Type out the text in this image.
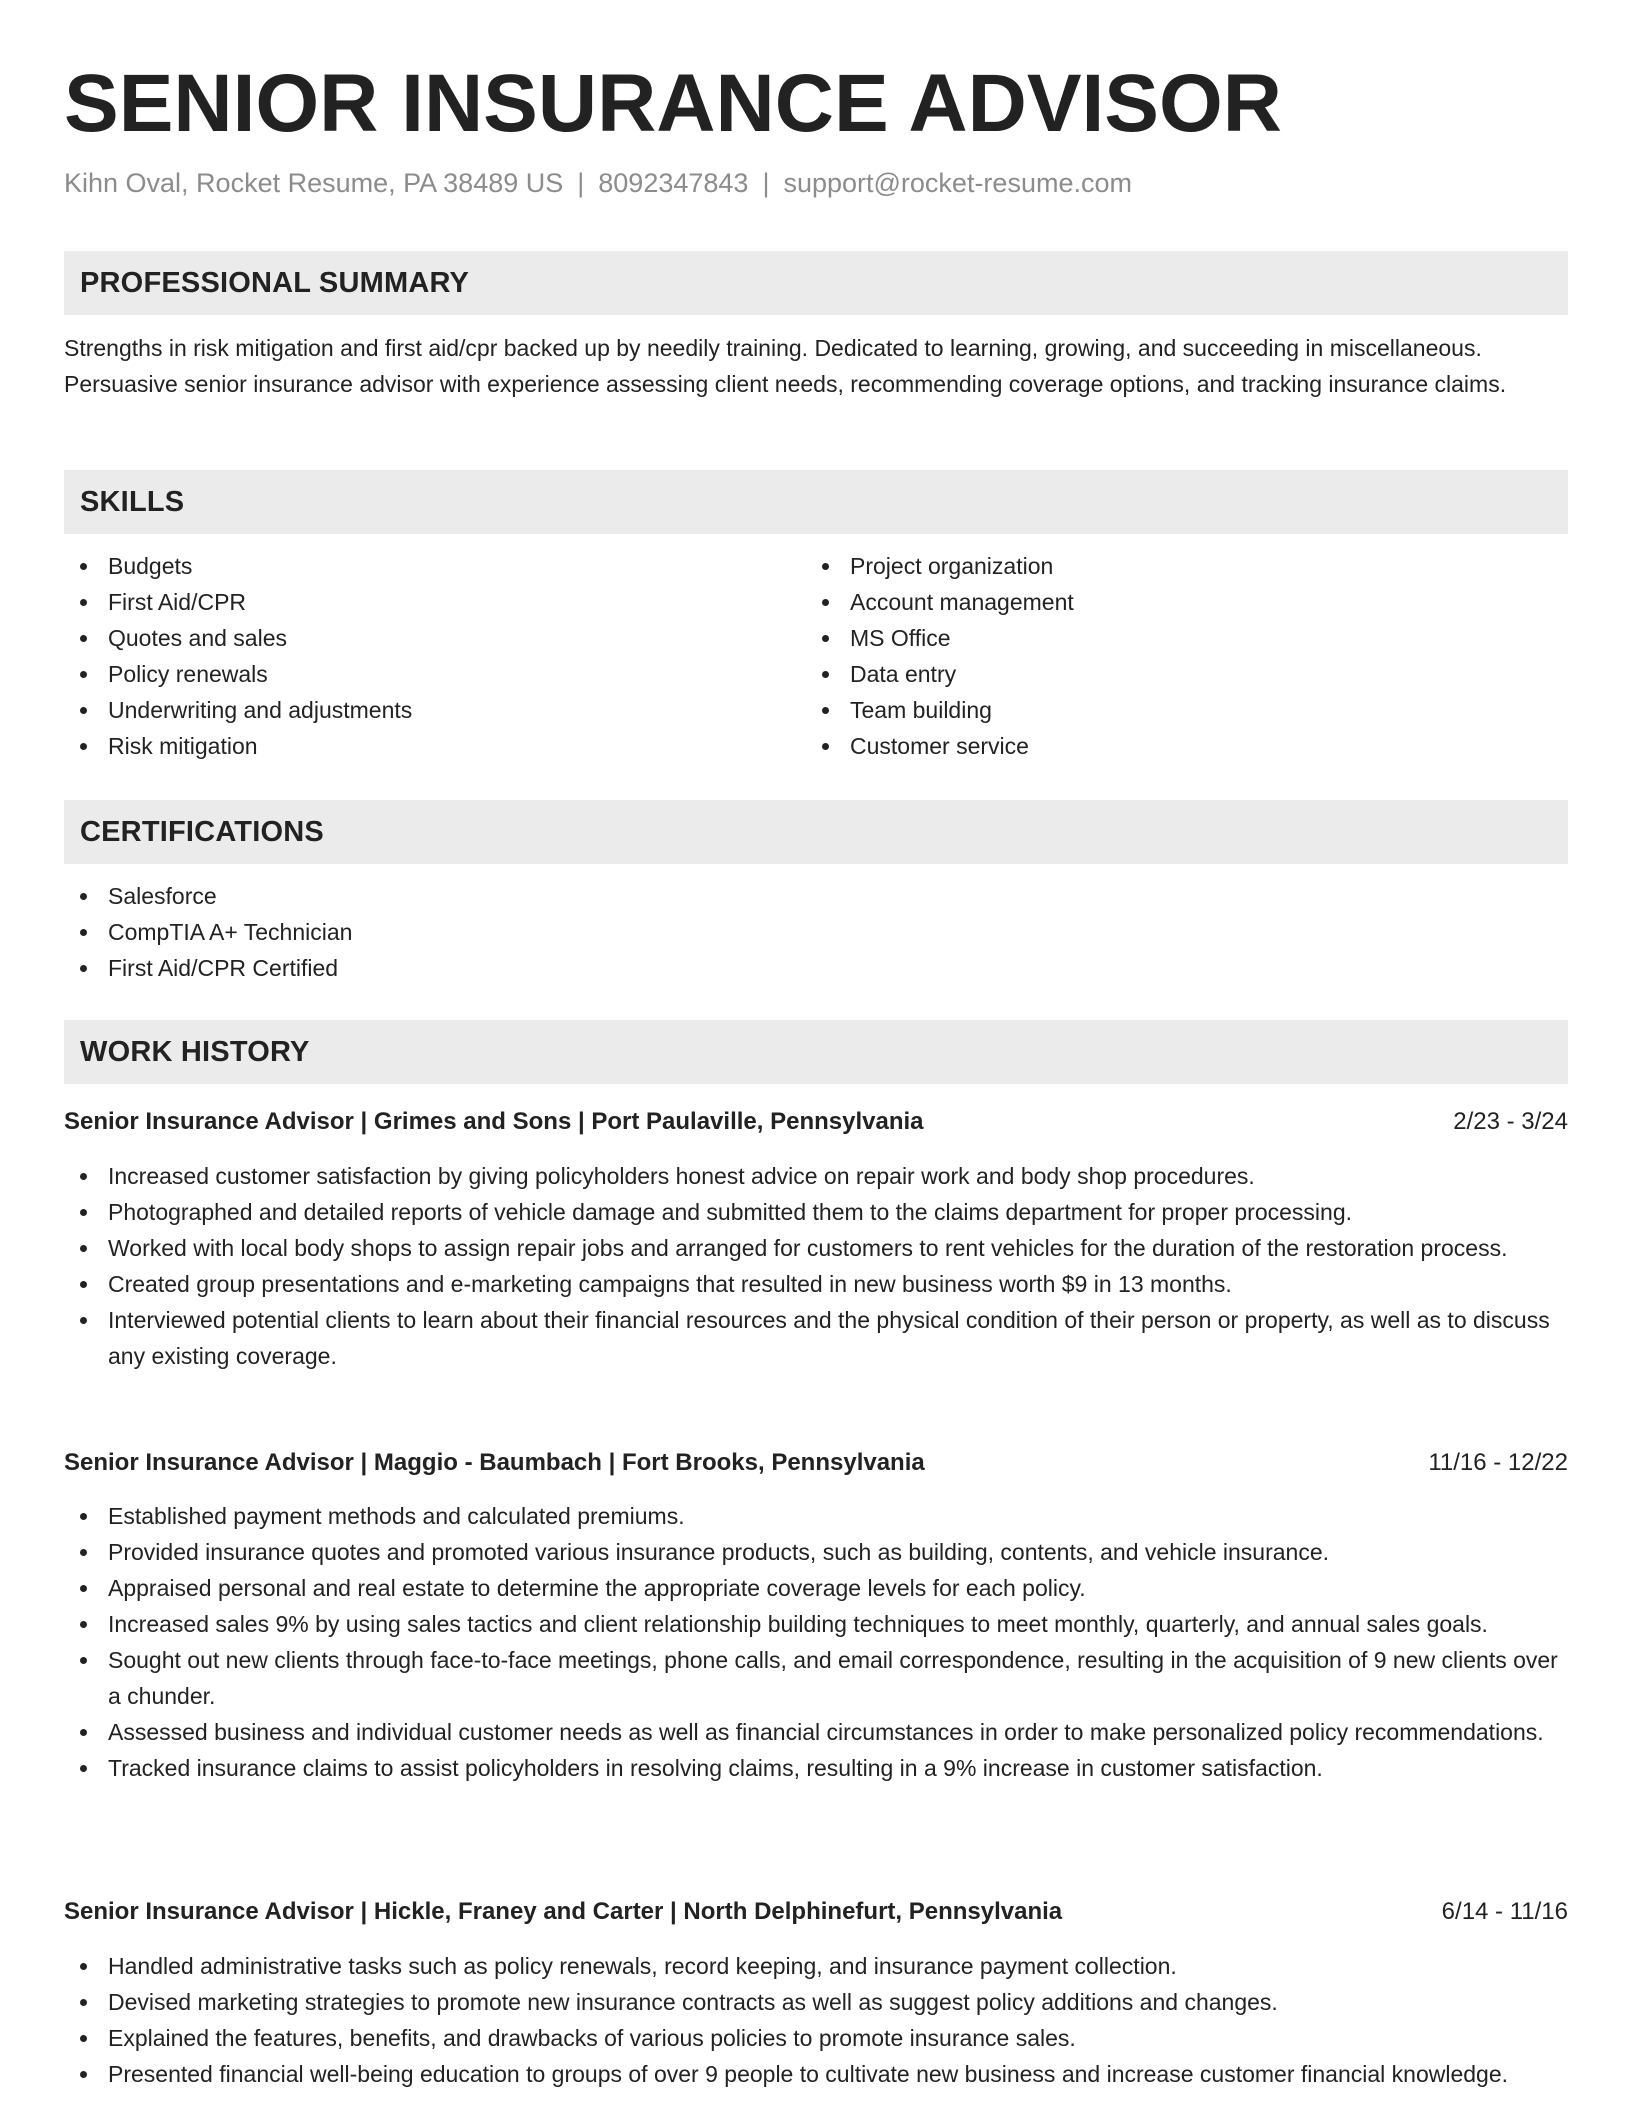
SENIOR INSURANCE ADVISOR
Kihn Oval, Rocket Resume, PA 38489 US | 8092347843 | support@rocket-resume.com
PROFESSIONAL SUMMARY
Strengths in risk mitigation and first aid/cpr backed up by needily training. Dedicated to learning, growing, and succeeding in miscellaneous. Persuasive senior insurance advisor with experience assessing client needs, recommending coverage options, and tracking insurance claims.
SKILLS
Budgets
First Aid/CPR
Quotes and sales
Policy renewals
Underwriting and adjustments
Risk mitigation
Project organization
Account management
MS Office
Data entry
Team building
Customer service
CERTIFICATIONS
Salesforce
CompTIA A+ Technician
First Aid/CPR Certified
WORK HISTORY
Senior Insurance Advisor | Grimes and Sons | Port Paulaville, Pennsylvania	2/23 - 3/24
Increased customer satisfaction by giving policyholders honest advice on repair work and body shop procedures.
Photographed and detailed reports of vehicle damage and submitted them to the claims department for proper processing.
Worked with local body shops to assign repair jobs and arranged for customers to rent vehicles for the duration of the restoration process.
Created group presentations and e-marketing campaigns that resulted in new business worth $9 in 13 months.
Interviewed potential clients to learn about their financial resources and the physical condition of their person or property, as well as to discuss any existing coverage.
Senior Insurance Advisor | Maggio - Baumbach | Fort Brooks, Pennsylvania	11/16 - 12/22
Established payment methods and calculated premiums.
Provided insurance quotes and promoted various insurance products, such as building, contents, and vehicle insurance.
Appraised personal and real estate to determine the appropriate coverage levels for each policy.
Increased sales 9% by using sales tactics and client relationship building techniques to meet monthly, quarterly, and annual sales goals.
Sought out new clients through face-to-face meetings, phone calls, and email correspondence, resulting in the acquisition of 9 new clients over a chunder.
Assessed business and individual customer needs as well as financial circumstances in order to make personalized policy recommendations.
Tracked insurance claims to assist policyholders in resolving claims, resulting in a 9% increase in customer satisfaction.
Senior Insurance Advisor | Hickle, Franey and Carter | North Delphinefurt, Pennsylvania	6/14 - 11/16
Handled administrative tasks such as policy renewals, record keeping, and insurance payment collection.
Devised marketing strategies to promote new insurance contracts as well as suggest policy additions and changes.
Explained the features, benefits, and drawbacks of various policies to promote insurance sales.
Presented financial well-being education to groups of over 9 people to cultivate new business and increase customer financial knowledge.
